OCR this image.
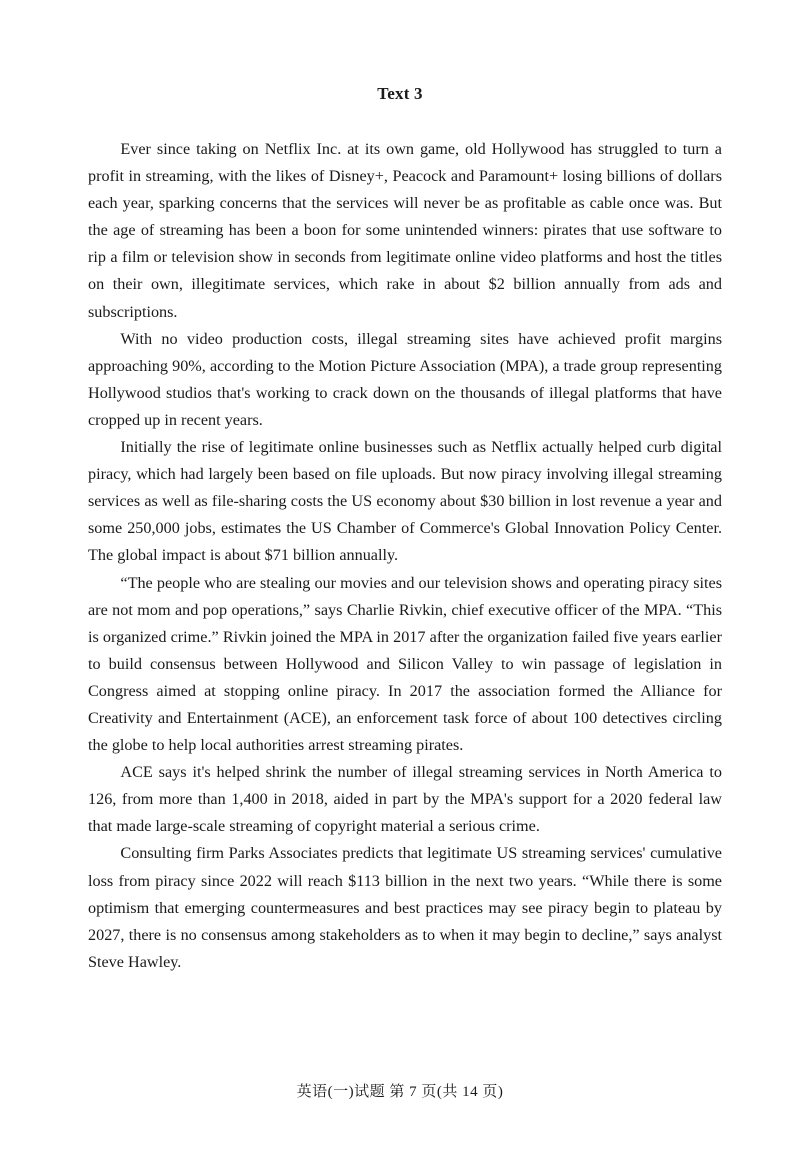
Text 3

Ever since taking on Netflix Inc. at its own game, old Hollywood has struggled to turn a profit in streaming, with the likes of Disney+, Peacock and Paramount+ losing billions of dollars each year, sparking concerns that the services will never be as profitable as cable once was. But the age of streaming has been a boon for some unintended winners: pirates that use software to rip a film or television show in seconds from legitimate online video platforms and host the titles on their own, illegitimate services, which rake in about $2 billion annually from ads and subscriptions.

With no video production costs, illegal streaming sites have achieved profit margins approaching 90%, according to the Motion Picture Association (MPA), a trade group representing Hollywood studios that's working to crack down on the thousands of illegal platforms that have cropped up in recent years.

Initially the rise of legitimate online businesses such as Netflix actually helped curb digital piracy, which had largely been based on file uploads. But now piracy involving illegal streaming services as well as file-sharing costs the US economy about $30 billion in lost revenue a year and some 250,000 jobs, estimates the US Chamber of Commerce's Global Innovation Policy Center. The global impact is about $71 billion annually.

“The people who are stealing our movies and our television shows and operating piracy sites are not mom and pop operations,” says Charlie Rivkin, chief executive officer of the MPA. “This is organized crime.” Rivkin joined the MPA in 2017 after the organization failed five years earlier to build consensus between Hollywood and Silicon Valley to win passage of legislation in Congress aimed at stopping online piracy. In 2017 the association formed the Alliance for Creativity and Entertainment (ACE), an enforcement task force of about 100 detectives circling the globe to help local authorities arrest streaming pirates.

ACE says it's helped shrink the number of illegal streaming services in North America to 126, from more than 1,400 in 2018, aided in part by the MPA's support for a 2020 federal law that made large-scale streaming of copyright material a serious crime.

Consulting firm Parks Associates predicts that legitimate US streaming services' cumulative loss from piracy since 2022 will reach $113 billion in the next two years. “While there is some optimism that emerging countermeasures and best practices may see piracy begin to plateau by 2027, there is no consensus among stakeholders as to when it may begin to decline,” says analyst Steve Hawley.

英语(一)试题 第 7 页(共 14 页)
